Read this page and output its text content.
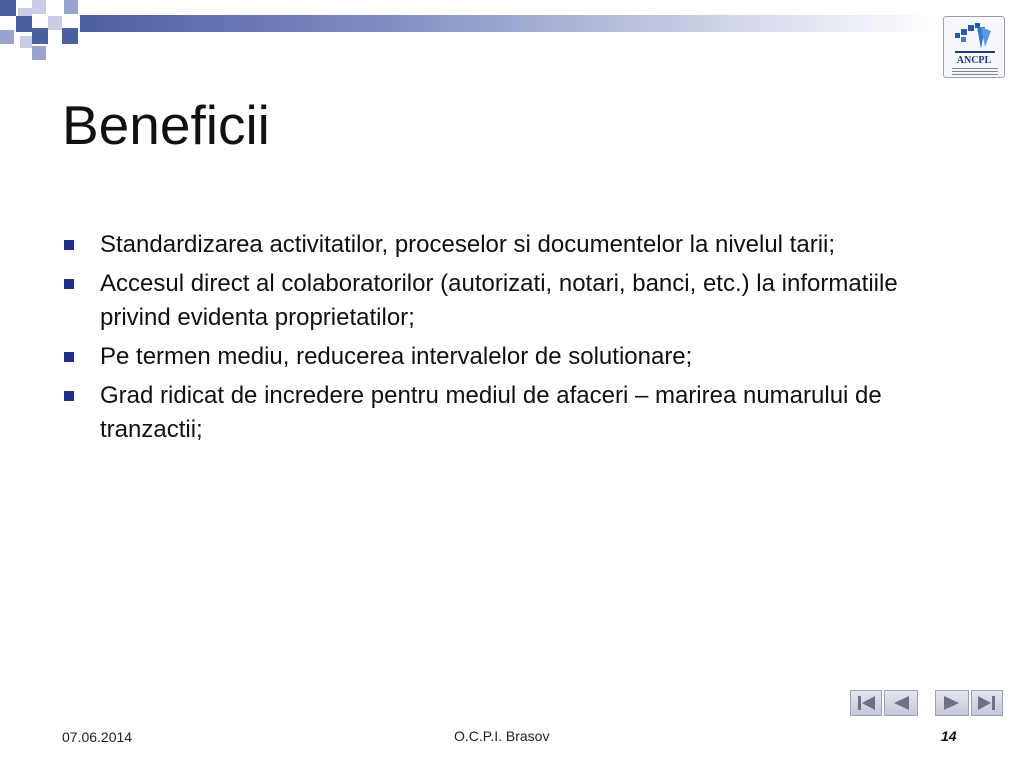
ANCPL
Beneficii
Standardizarea activitatilor, proceselor si documentelor la nivelul tarii;
Accesul direct al colaboratorilor (autorizati, notari, banci, etc.) la informatiile privind evidenta proprietatilor;
Pe termen mediu, reducerea intervalelor de solutionare;
Grad ridicat de incredere pentru mediul de afaceri – marirea numarului de tranzactii;
07.06.2014	O.C.P.I. Brasov	14
